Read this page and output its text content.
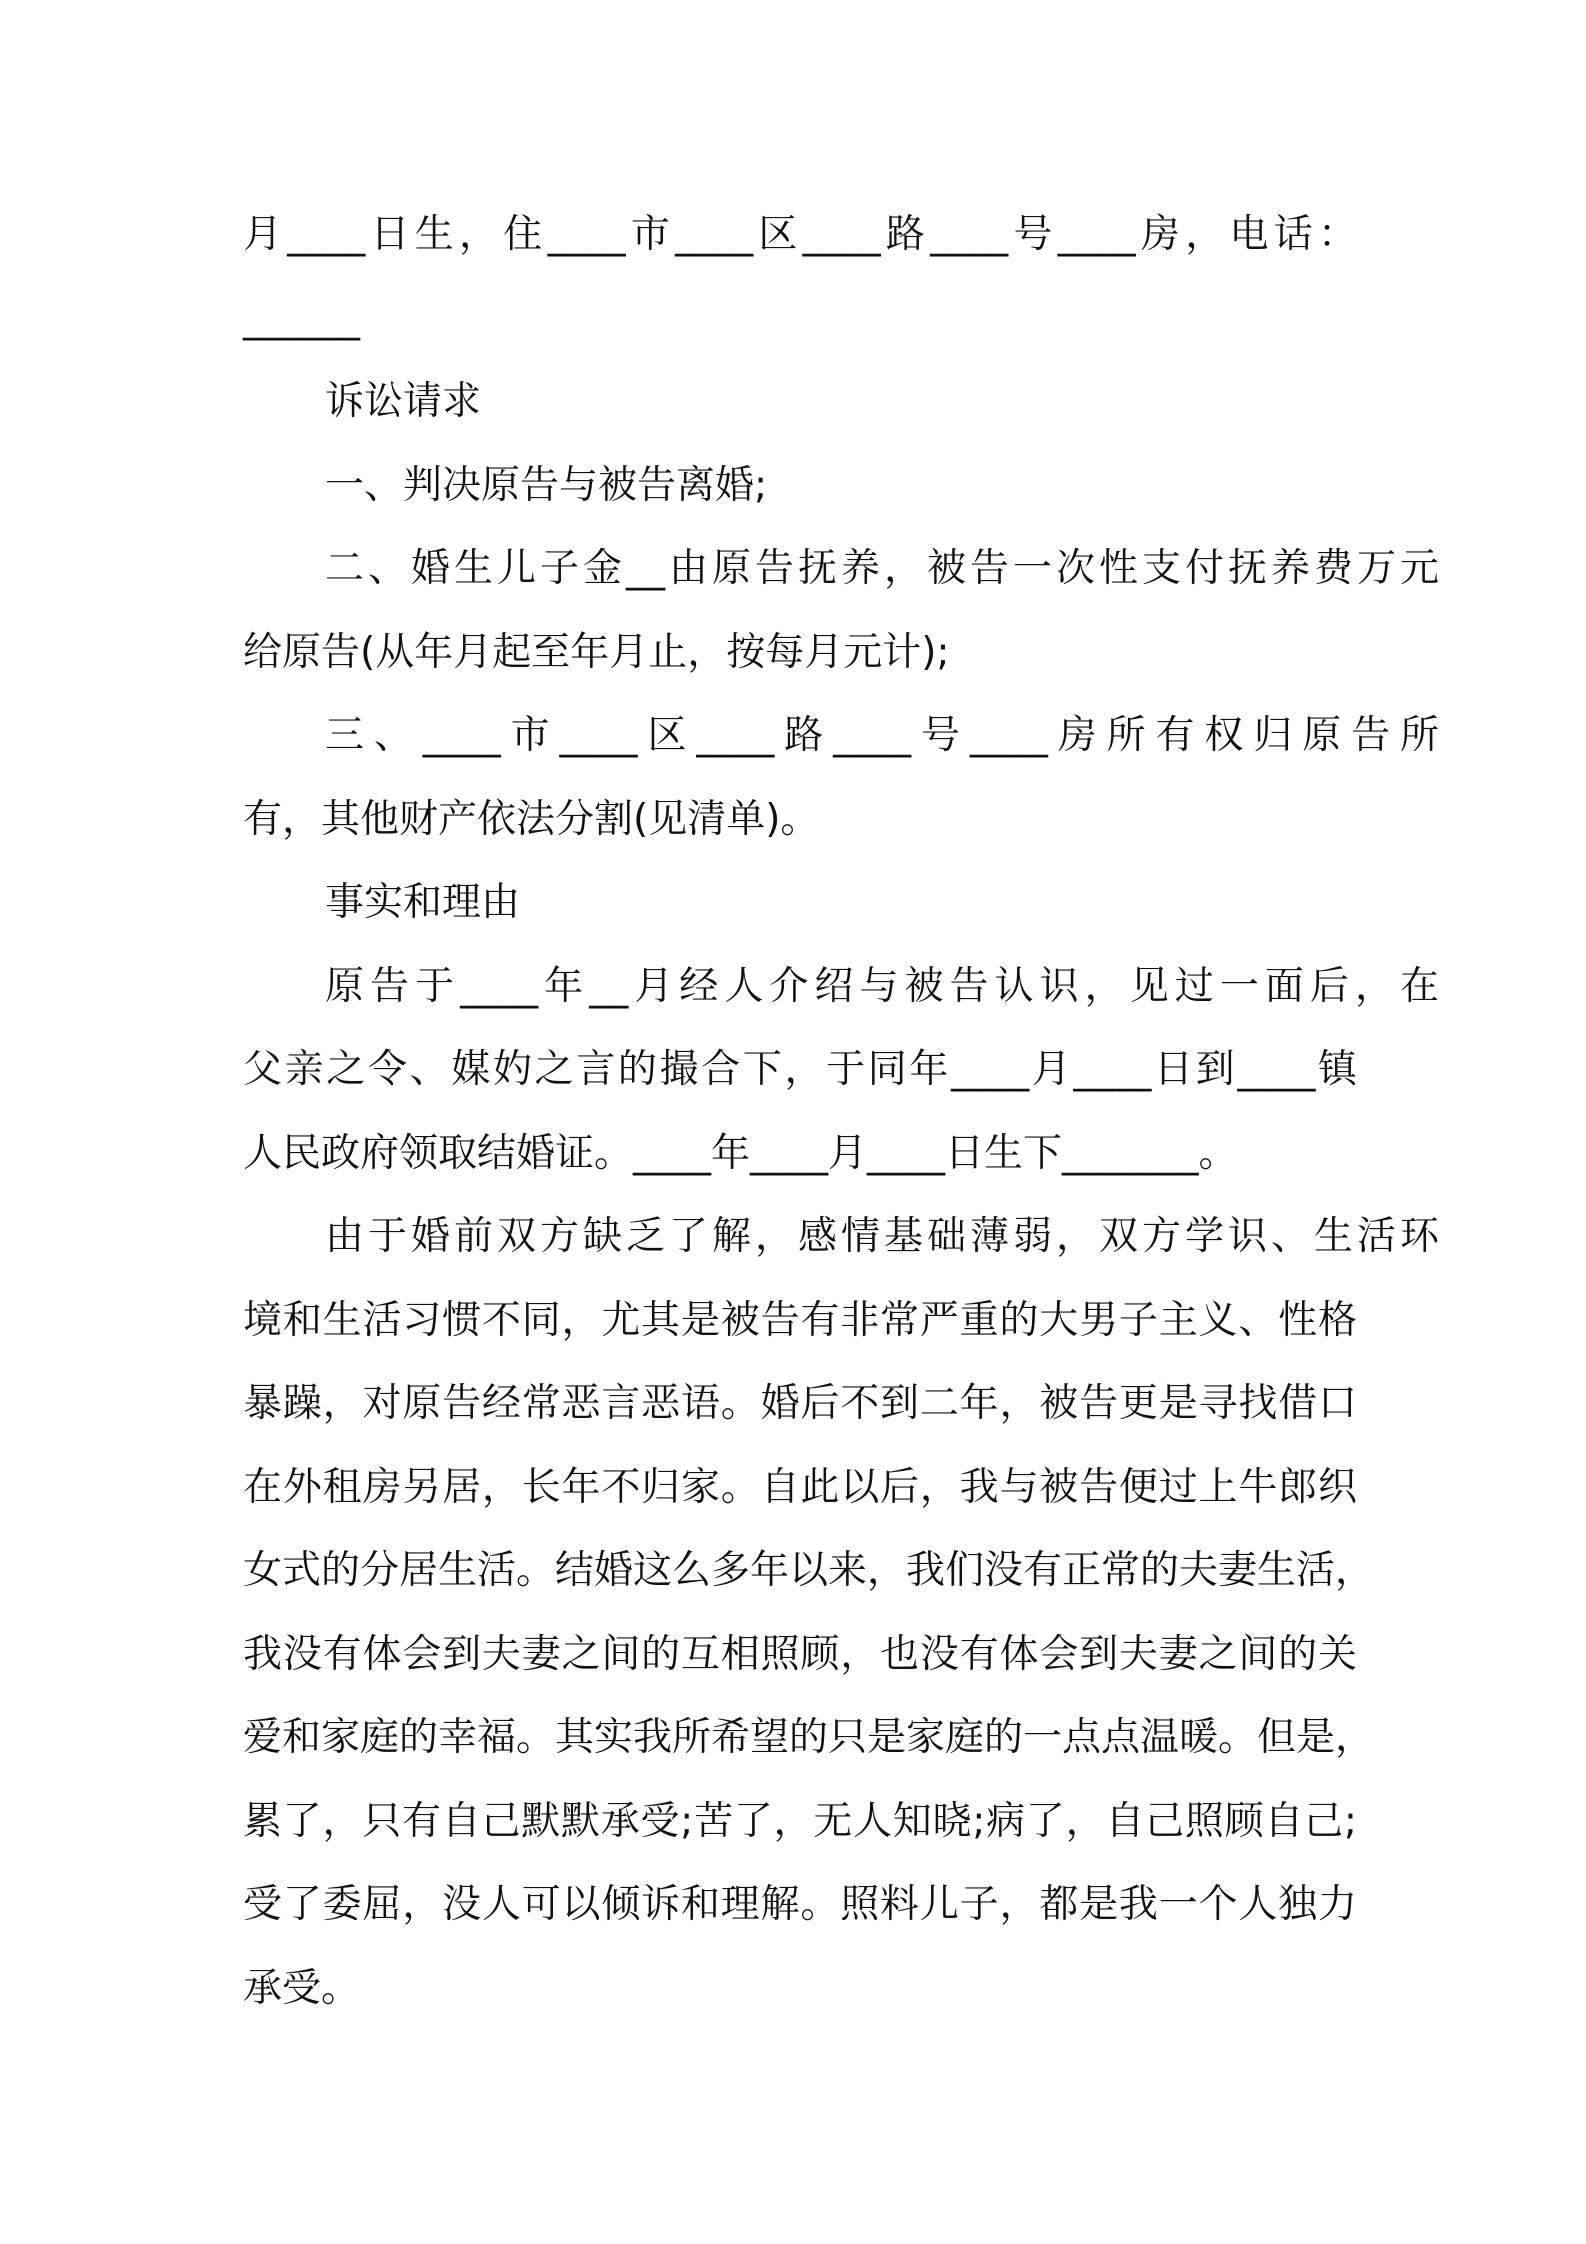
月____日生，住____市____区____路____号____房，电话：
______
诉讼请求
一、判决原告与被告离婚;
二、婚生儿子金__由原告抚养，被告一次性支付抚养费万元
给原告(从年月起至年月止，按每月元计);
三、____市____区____路____号____房所有权归原告所
有，其他财产依法分割(见清单)。
事实和理由
原告于____年__月经人介绍与被告认识，见过一面后，在
父亲之令、媒妁之言的撮合下，于同年____月____日到____镇
人民政府领取结婚证。____年____月____日生下_______。
由于婚前双方缺乏了解，感情基础薄弱，双方学识、生活环
境和生活习惯不同，尤其是被告有非常严重的大男子主义、性格
暴躁，对原告经常恶言恶语。婚后不到二年，被告更是寻找借口
在外租房另居，长年不归家。自此以后，我与被告便过上牛郎织
女式的分居生活。结婚这么多年以来，我们没有正常的夫妻生活，
我没有体会到夫妻之间的互相照顾，也没有体会到夫妻之间的关
爱和家庭的幸福。其实我所希望的只是家庭的一点点温暖。但是，
累了，只有自己默默承受;苦了，无人知晓;病了，自己照顾自己;
受了委屈，没人可以倾诉和理解。照料儿子，都是我一个人独力
承受。
